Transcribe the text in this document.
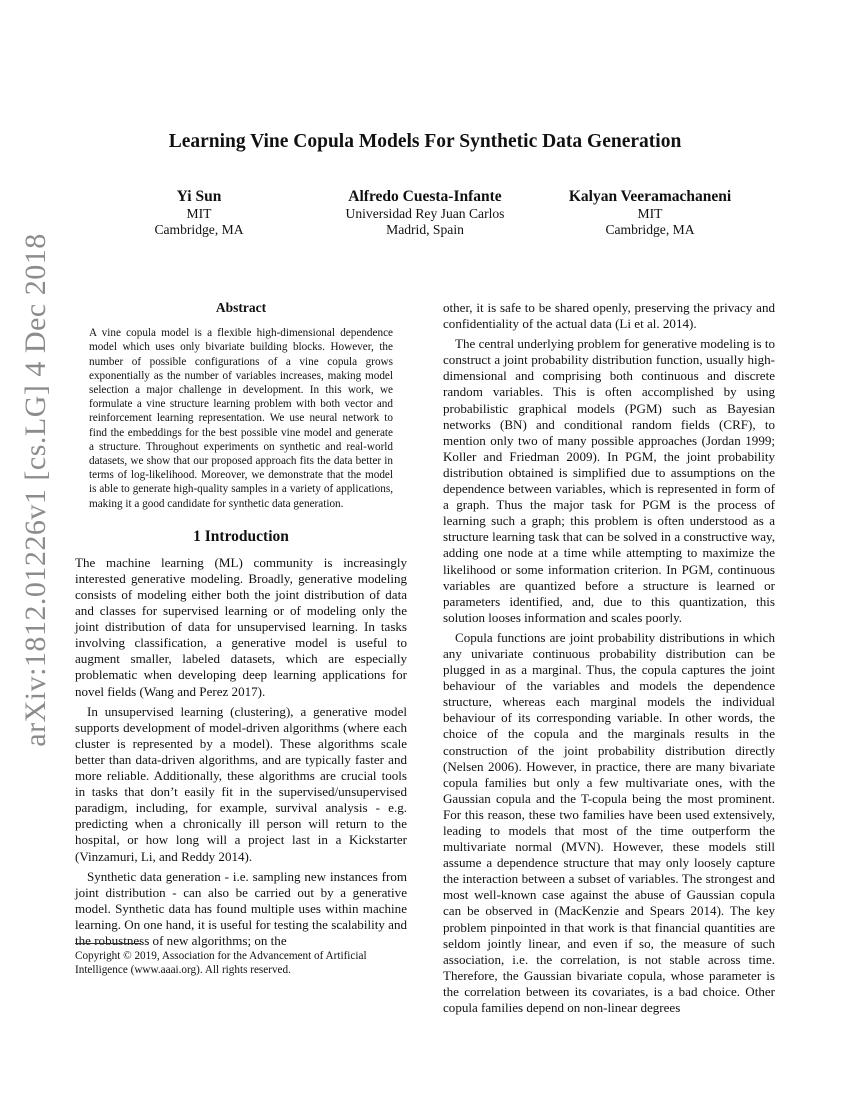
arXiv:1812.01226v1 [cs.LG] 4 Dec 2018
Learning Vine Copula Models For Synthetic Data Generation
Yi Sun
MIT
Cambridge, MA
Alfredo Cuesta-Infante
Universidad Rey Juan Carlos
Madrid, Spain
Kalyan Veeramachaneni
MIT
Cambridge, MA
Abstract
A vine copula model is a flexible high-dimensional dependence model which uses only bivariate building blocks. However, the number of possible configurations of a vine copula grows exponentially as the number of variables increases, making model selection a major challenge in development. In this work, we formulate a vine structure learning problem with both vector and reinforcement learning representation. We use neural network to find the embeddings for the best possible vine model and generate a structure. Throughout experiments on synthetic and real-world datasets, we show that our proposed approach fits the data better in terms of log-likelihood. Moreover, we demonstrate that the model is able to generate high-quality samples in a variety of applications, making it a good candidate for synthetic data generation.
1 Introduction

The machine learning (ML) community is increasingly interested generative modeling. Broadly, generative modeling consists of modeling either both the joint distribution of data and classes for supervised learning or of modeling only the joint distribution of data for unsupervised learning. In tasks involving classification, a generative model is useful to augment smaller, labeled datasets, which are especially problematic when developing deep learning applications for novel fields (Wang and Perez 2017).

In unsupervised learning (clustering), a generative model supports development of model-driven algorithms (where each cluster is represented by a model). These algorithms scale better than data-driven algorithms, and are typically faster and more reliable. Additionally, these algorithms are crucial tools in tasks that don’t easily fit in the supervised/unsupervised paradigm, including, for example, survival analysis - e.g. predicting when a chronically ill person will return to the hospital, or how long will a project last in a Kickstarter (Vinzamuri, Li, and Reddy 2014).

Synthetic data generation - i.e. sampling new instances from joint distribution - can also be carried out by a generative model. Synthetic data has found multiple uses within machine learning. On one hand, it is useful for testing the scalability and the robustness of new algorithms; on the

other, it is safe to be shared openly, preserving the privacy and confidentiality of the actual data (Li et al. 2014).

The central underlying problem for generative modeling is to construct a joint probability distribution function, usually high-dimensional and comprising both continuous and discrete random variables. This is often accomplished by using probabilistic graphical models (PGM) such as Bayesian networks (BN) and conditional random fields (CRF), to mention only two of many possible approaches (Jordan 1999; Koller and Friedman 2009). In PGM, the joint probability distribution obtained is simplified due to assumptions on the dependence between variables, which is represented in form of a graph. Thus the major task for PGM is the process of learning such a graph; this problem is often understood as a structure learning task that can be solved in a constructive way, adding one node at a time while attempting to maximize the likelihood or some information criterion. In PGM, continuous variables are quantized before a structure is learned or parameters identified, and, due to this quantization, this solution looses information and scales poorly.

Copula functions are joint probability distributions in which any univariate continuous probability distribution can be plugged in as a marginal. Thus, the copula captures the joint behaviour of the variables and models the dependence structure, whereas each marginal models the individual behaviour of its corresponding variable. In other words, the choice of the copula and the marginals results in the construction of the joint probability distribution directly (Nelsen 2006). However, in practice, there are many bivariate copula families but only a few multivariate ones, with the Gaussian copula and the T-copula being the most prominent. For this reason, these two families have been used extensively, leading to models that most of the time outperform the multivariate normal (MVN). However, these models still assume a dependence structure that may only loosely capture the interaction between a subset of variables. The strongest and most well-known case against the abuse of Gaussian copula can be observed in (MacKenzie and Spears 2014). The key problem pinpointed in that work is that financial quantities are seldom jointly linear, and even if so, the measure of such association, i.e. the correlation, is not stable across time. Therefore, the Gaussian bivariate copula, whose parameter is the correlation between its covariates, is a bad choice. Other copula families depend on non-linear degrees

Copyright © 2019, Association for the Advancement of Artificial Intelligence (www.aaai.org). All rights reserved.
